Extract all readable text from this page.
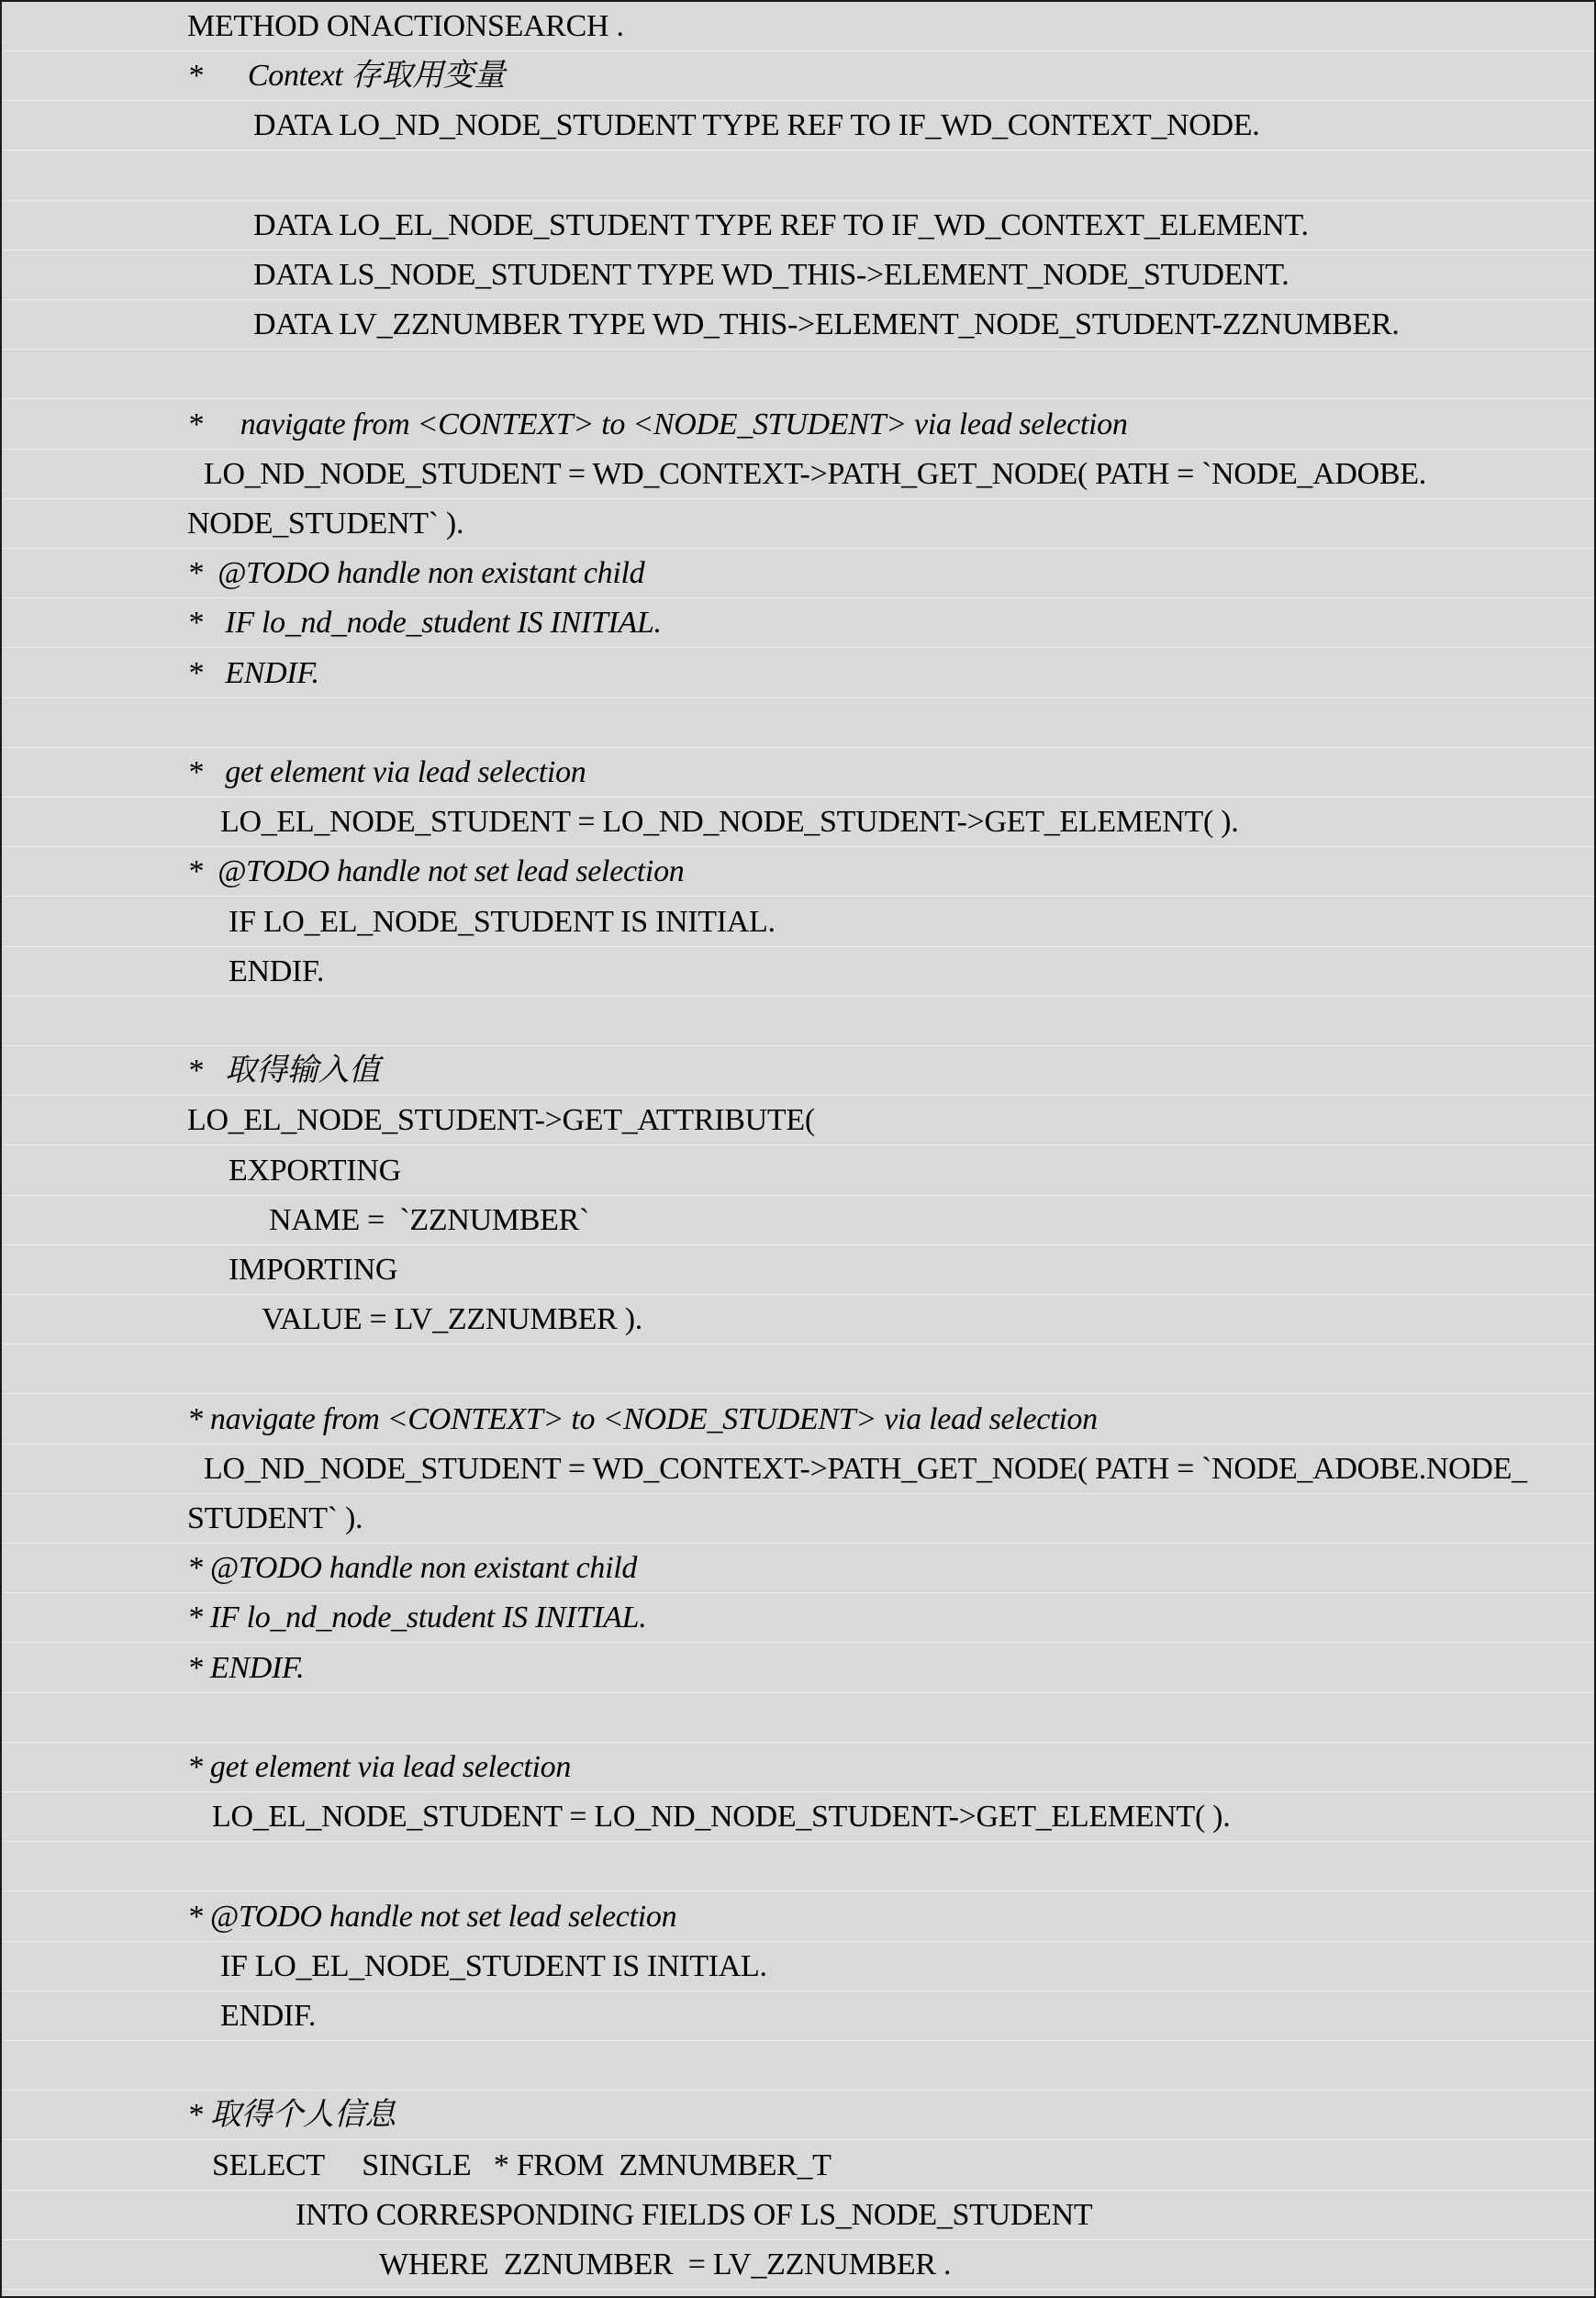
METHOD ONACTIONSEARCH .
*      Context 存取用变量
DATA LO_ND_NODE_STUDENT TYPE REF TO IF_WD_CONTEXT_NODE.
DATA LO_EL_NODE_STUDENT TYPE REF TO IF_WD_CONTEXT_ELEMENT.
DATA LS_NODE_STUDENT TYPE WD_THIS->ELEMENT_NODE_STUDENT.
DATA LV_ZZNUMBER TYPE WD_THIS->ELEMENT_NODE_STUDENT-ZZNUMBER.
*     navigate from <CONTEXT> to <NODE_STUDENT> via lead selection
LO_ND_NODE_STUDENT = WD_CONTEXT->PATH_GET_NODE( PATH = `NODE_ADOBE.
NODE_STUDENT` ).
*  @TODO handle non existant child
*   IF lo_nd_node_student IS INITIAL.
*   ENDIF.
*   get element via lead selection
LO_EL_NODE_STUDENT = LO_ND_NODE_STUDENT->GET_ELEMENT( ).
*  @TODO handle not set lead selection
IF LO_EL_NODE_STUDENT IS INITIAL.
ENDIF.
*   取得输入值
LO_EL_NODE_STUDENT->GET_ATTRIBUTE(
EXPORTING
NAME =  `ZZNUMBER`
IMPORTING
VALUE = LV_ZZNUMBER ).
* navigate from <CONTEXT> to <NODE_STUDENT> via lead selection
LO_ND_NODE_STUDENT = WD_CONTEXT->PATH_GET_NODE( PATH = `NODE_ADOBE.NODE_
STUDENT` ).
* @TODO handle non existant child
* IF lo_nd_node_student IS INITIAL.
* ENDIF.
* get element via lead selection
LO_EL_NODE_STUDENT = LO_ND_NODE_STUDENT->GET_ELEMENT( ).
* @TODO handle not set lead selection
IF LO_EL_NODE_STUDENT IS INITIAL.
ENDIF.
* 取得个人信息
SELECT     SINGLE   * FROM  ZMNUMBER_T
INTO CORRESPONDING FIELDS OF LS_NODE_STUDENT
WHERE  ZZNUMBER  = LV_ZZNUMBER .
